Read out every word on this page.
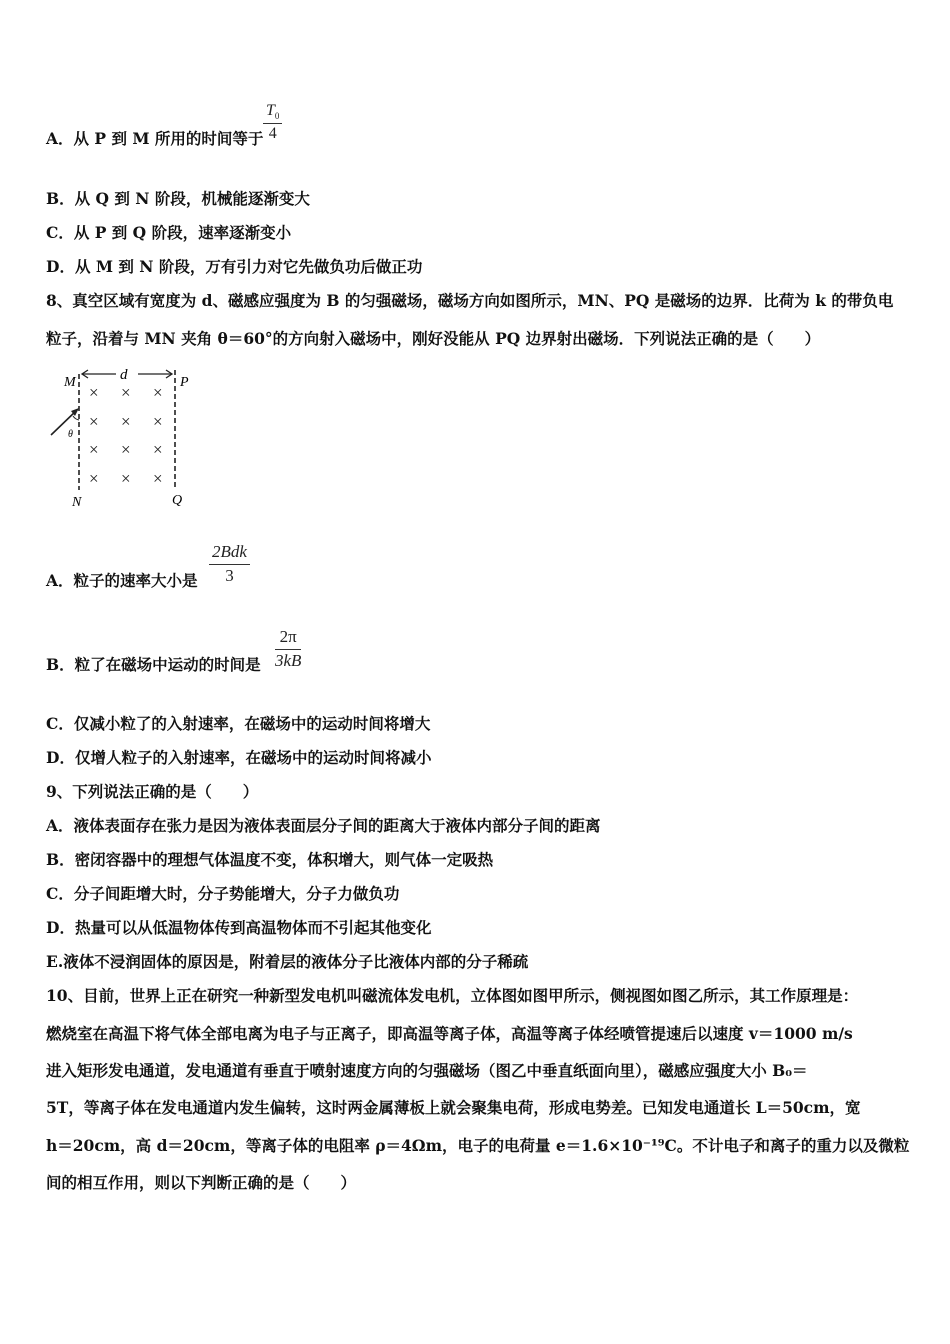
A．从 P 到 M 所用的时间等于 $\frac{T_0}{4}$
B．从 Q 到 N 阶段，机械能逐渐变大
C．从 P 到 Q 阶段，速率逐渐变小
D．从 M 到 N 阶段，万有引力对它先做负功后做正功
8、真空区域有宽度为 d、磁感应强度为 B 的匀强磁场，磁场方向如图所示，MN、PQ 是磁场的边界．比荷为 k 的带负电
粒子，沿着与 MN 夹角 θ＝60°的方向射入磁场中，刚好没能从 PQ 边界射出磁场．下列说法正确的是（　　）
d
M	P
N	Q
θ
× × ×
× × ×
× × ×
× × ×
A．粒子的速率大小是
2Bdk
3
B．粒了在磁场中运动的时间是 $\frac{2\pi}{3kB}$
C．仅减小粒了的入射速率，在磁场中的运动时间将增大
D．仅增人粒子的入射速率，在磁场中的运动时间将减小
9、下列说法正确的是（　　）
A．液体表面存在张力是因为液体表面层分子间的距离大于液体内部分子间的距离
B．密闭容器中的理想气体温度不变，体积增大，则气体一定吸热
C．分子间距增大时，分子势能增大，分子力做负功
D．热量可以从低温物体传到高温物体而不引起其他变化
E.液体不浸润固体的原因是，附着层的液体分子比液体内部的分子稀疏
10、目前，世界上正在研究一种新型发电机叫磁流体发电机，立体图如图甲所示，侧视图如图乙所示，其工作原理是：
燃烧室在高温下将气体全部电离为电子与正离子，即高温等离子体，高温等离子体经喷管提速后以速度 v＝1000 m/s
进入矩形发电通道，发电通道有垂直于喷射速度方向的匀强磁场（图乙中垂直纸面向里），磁感应强度大小 B₀＝
5T，等离子体在发电通道内发生偏转，这时两金属薄板上就会聚集电荷，形成电势差。已知发电通道长 L＝50cm，宽
h＝20cm，高 d＝20cm，等离子体的电阻率 ρ＝4Ωm，电子的电荷量 e＝1.6×10⁻¹⁹C。不计电子和离子的重力以及微粒
间的相互作用，则以下判断正确的是（　　）
